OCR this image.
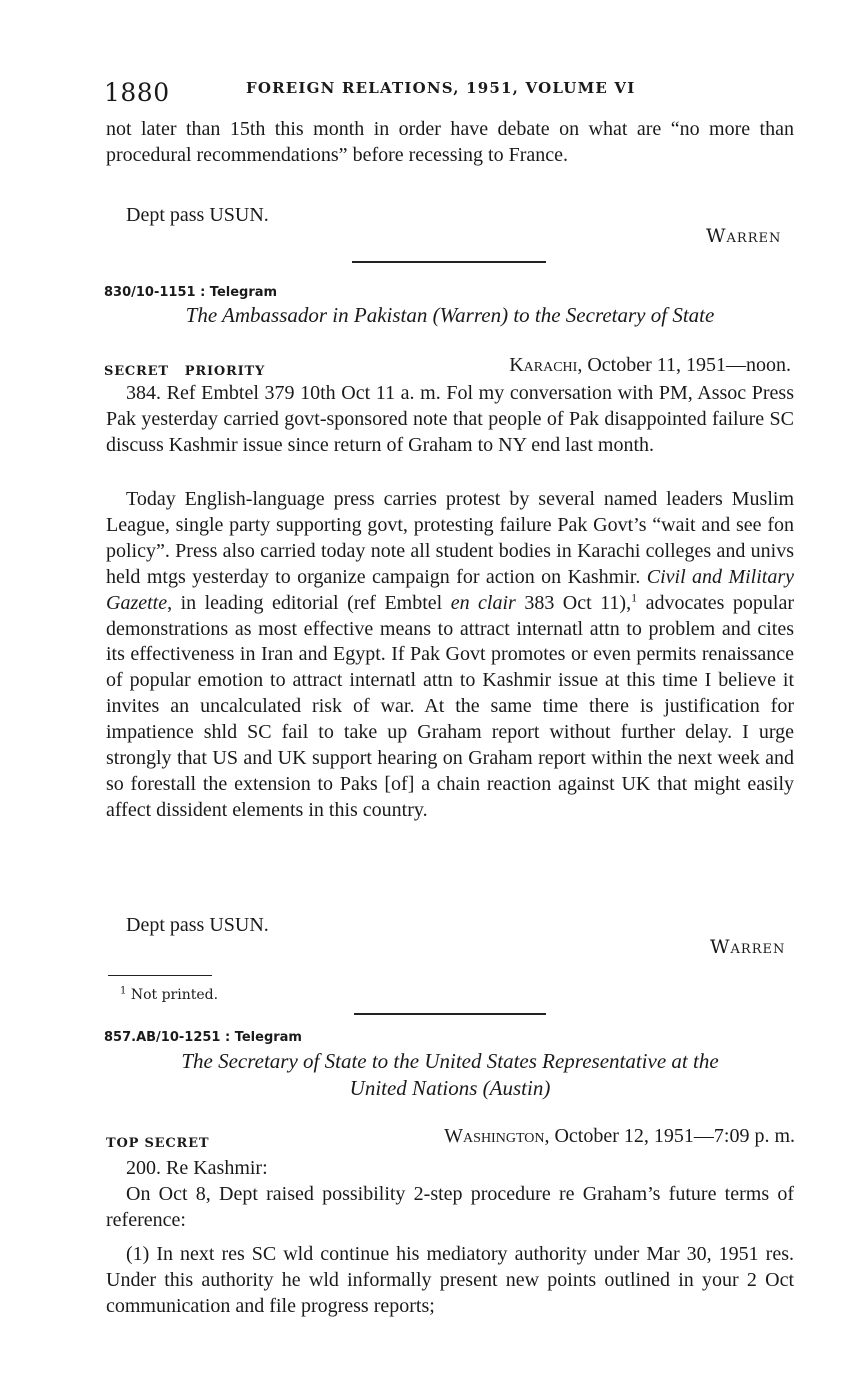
1880	FOREIGN RELATIONS, 1951, VOLUME VI
not later than 15th this month in order have debate on what are “no more than procedural recommendations” before recessing to France.
Dept pass USUN.
Warren
830/10-1151 : Telegram
The Ambassador in Pakistan (Warren) to the Secretary of State
SECRET   PRIORITY	Karachi, October 11, 1951—noon.
384. Ref Embtel 379 10th Oct 11 a. m. Fol my conversation with PM, Assoc Press Pak yesterday carried govt-sponsored note that people of Pak disappointed failure SC discuss Kashmir issue since return of Graham to NY end last month.
Today English-language press carries protest by several named leaders Muslim League, single party supporting govt, protesting failure Pak Govt’s “wait and see fon policy”. Press also carried today note all student bodies in Karachi colleges and univs held mtgs yesterday to organize campaign for action on Kashmir. Civil and Military Gazette, in leading editorial (ref Embtel en clair 383 Oct 11),$^1$ advocates popular demonstrations as most effective means to attract internatl attn to problem and cites its effectiveness in Iran and Egypt. If Pak Govt promotes or even permits renaissance of popular emotion to attract internatl attn to Kashmir issue at this time I believe it invites an uncalculated risk of war. At the same time there is justification for impatience shld SC fail to take up Graham report without further delay. I urge strongly that US and UK support hearing on Graham report within the next week and so forestall the extension to Paks [of] a chain reaction against UK that might easily affect dissident elements in this country.
Dept pass USUN.
Warren
$^1$ Not printed.
857.AB/10-1251 : Telegram
The Secretary of State to the United States Representative at the
United Nations (Austin)
TOP SECRET	Washington, October 12, 1951—7:09 p. m.
200. Re Kashmir:
On Oct 8, Dept raised possibility 2-step procedure re Graham’s future terms of reference:
(1) In next res SC wld continue his mediatory authority under Mar 30, 1951 res. Under this authority he wld informally present new points outlined in your 2 Oct communication and file progress reports;
